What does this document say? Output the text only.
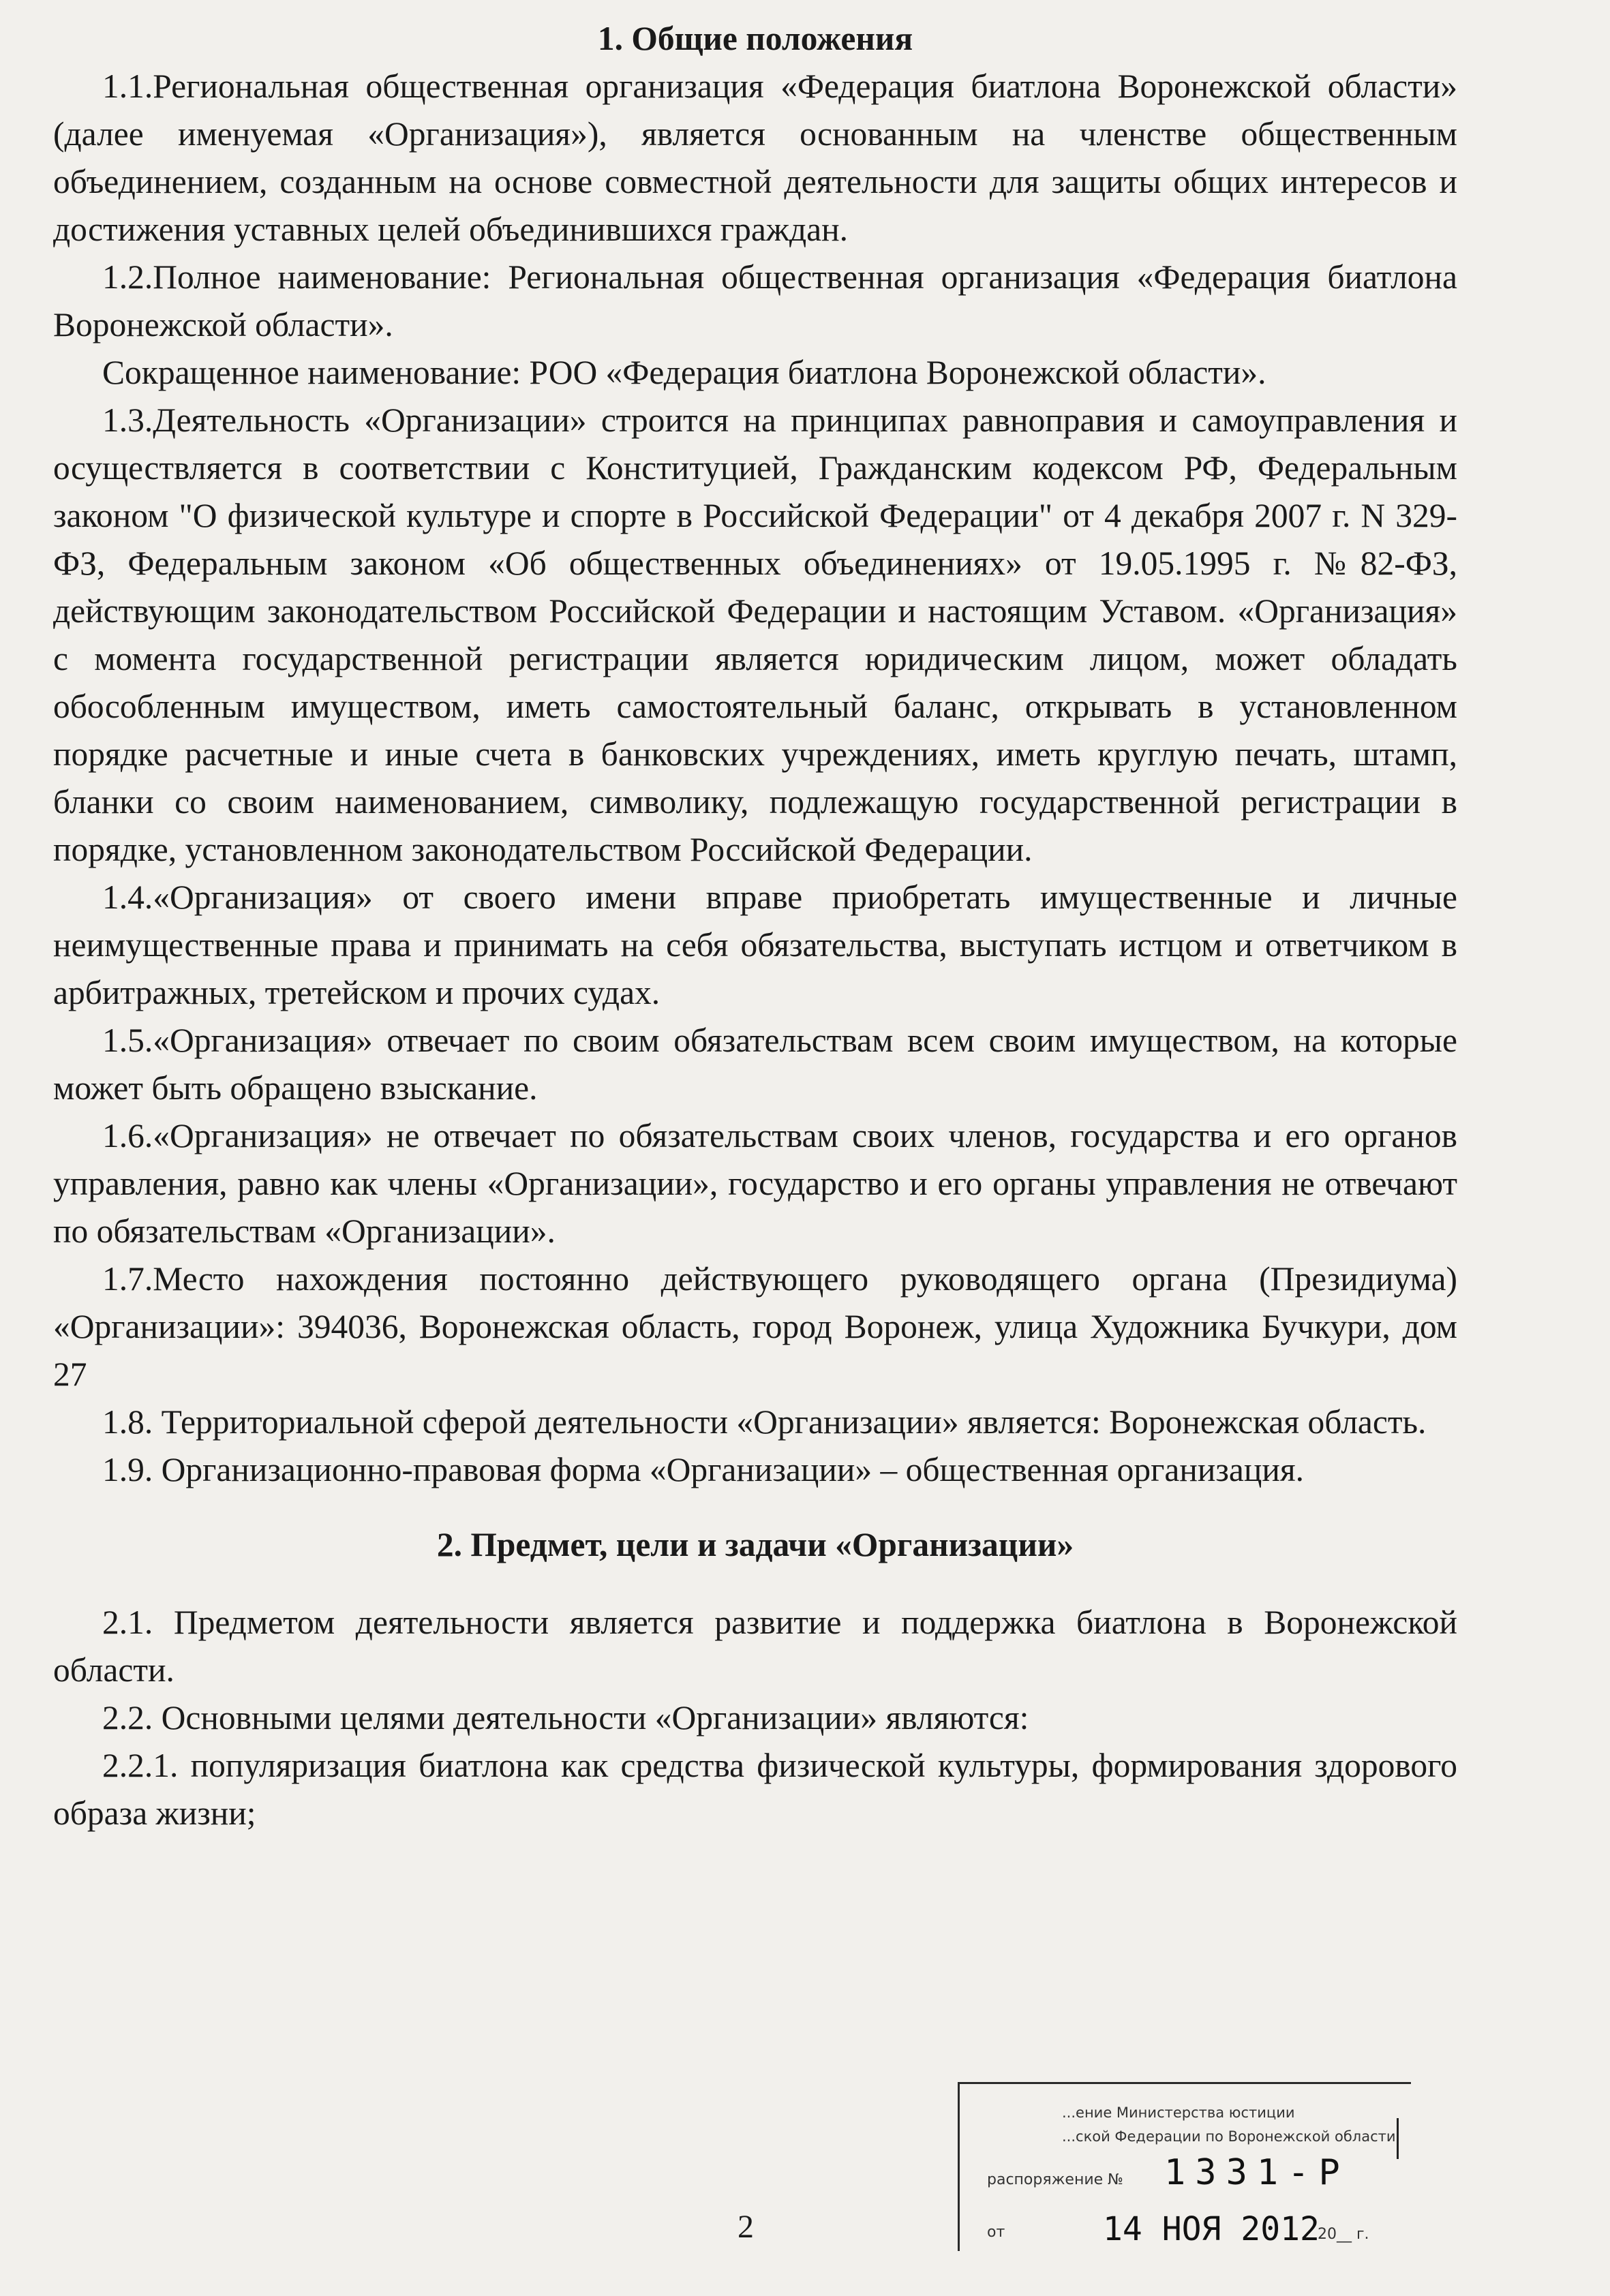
1. Общие положения

1.1.Региональная общественная организация «Федерация биатлона Воронежской области» (далее именуемая «Организация»), является основанным на членстве общественным объединением, созданным на основе совместной деятельности для защиты общих интересов и достижения уставных целей объединившихся граждан.

1.2.Полное наименование: Региональная общественная организация «Федерация биатлона Воронежской области».

Сокращенное наименование: РОО «Федерация биатлона Воронежской области».

1.3.Деятельность «Организации» строится на принципах равноправия и самоуправления и осуществляется в соответствии с Конституцией, Гражданским кодексом РФ, Федеральным законом "О физической культуре и спорте в Российской Федерации" от 4 декабря 2007 г. N 329-ФЗ, Федеральным законом «Об общественных объединениях» от 19.05.1995 г. №82-ФЗ, действующим законодательством Российской Федерации и настоящим Уставом. «Организация» с момента государственной регистрации является юридическим лицом, может обладать обособленным имуществом, иметь самостоятельный баланс, открывать в установленном порядке расчетные и иные счета в банковских учреждениях, иметь круглую печать, штамп, бланки со своим наименованием, символику, подлежащую государственной регистрации в порядке, установленном законодательством Российской Федерации.

1.4.«Организация» от своего имени вправе приобретать имущественные и личные неимущественные права и принимать на себя обязательства, выступать истцом и ответчиком в арбитражных, третейском и прочих судах.

1.5.«Организация» отвечает по своим обязательствам всем своим имуществом, на которые может быть обращено взыскание.

1.6.«Организация» не отвечает по обязательствам своих членов, государства и его органов управления, равно как члены «Организации», государство и его органы управления не отвечают по обязательствам «Организации».

1.7.Место нахождения постоянно действующего руководящего органа (Президиума) «Организации»: 394036, Воронежская область, город Воронеж, улица Художника Бучкури, дом 27

1.8. Территориальной сферой деятельности «Организации» является: Воронежская область.

1.9. Организационно-правовая форма «Организации» – общественная организация.

2. Предмет, цели и задачи «Организации»

2.1. Предметом деятельности является развитие и поддержка биатлона в Воронежской области.

2.2. Основными целями деятельности «Организации» являются:

2.2.1. популяризация биатлона как средства физической культуры, формирования здорового образа жизни;

2
...ение Министерства юстиции
...ской Федерации по Воронежской области
распоряжение № 1331-Р
от	14 НОЯ 2012
20__ г.
